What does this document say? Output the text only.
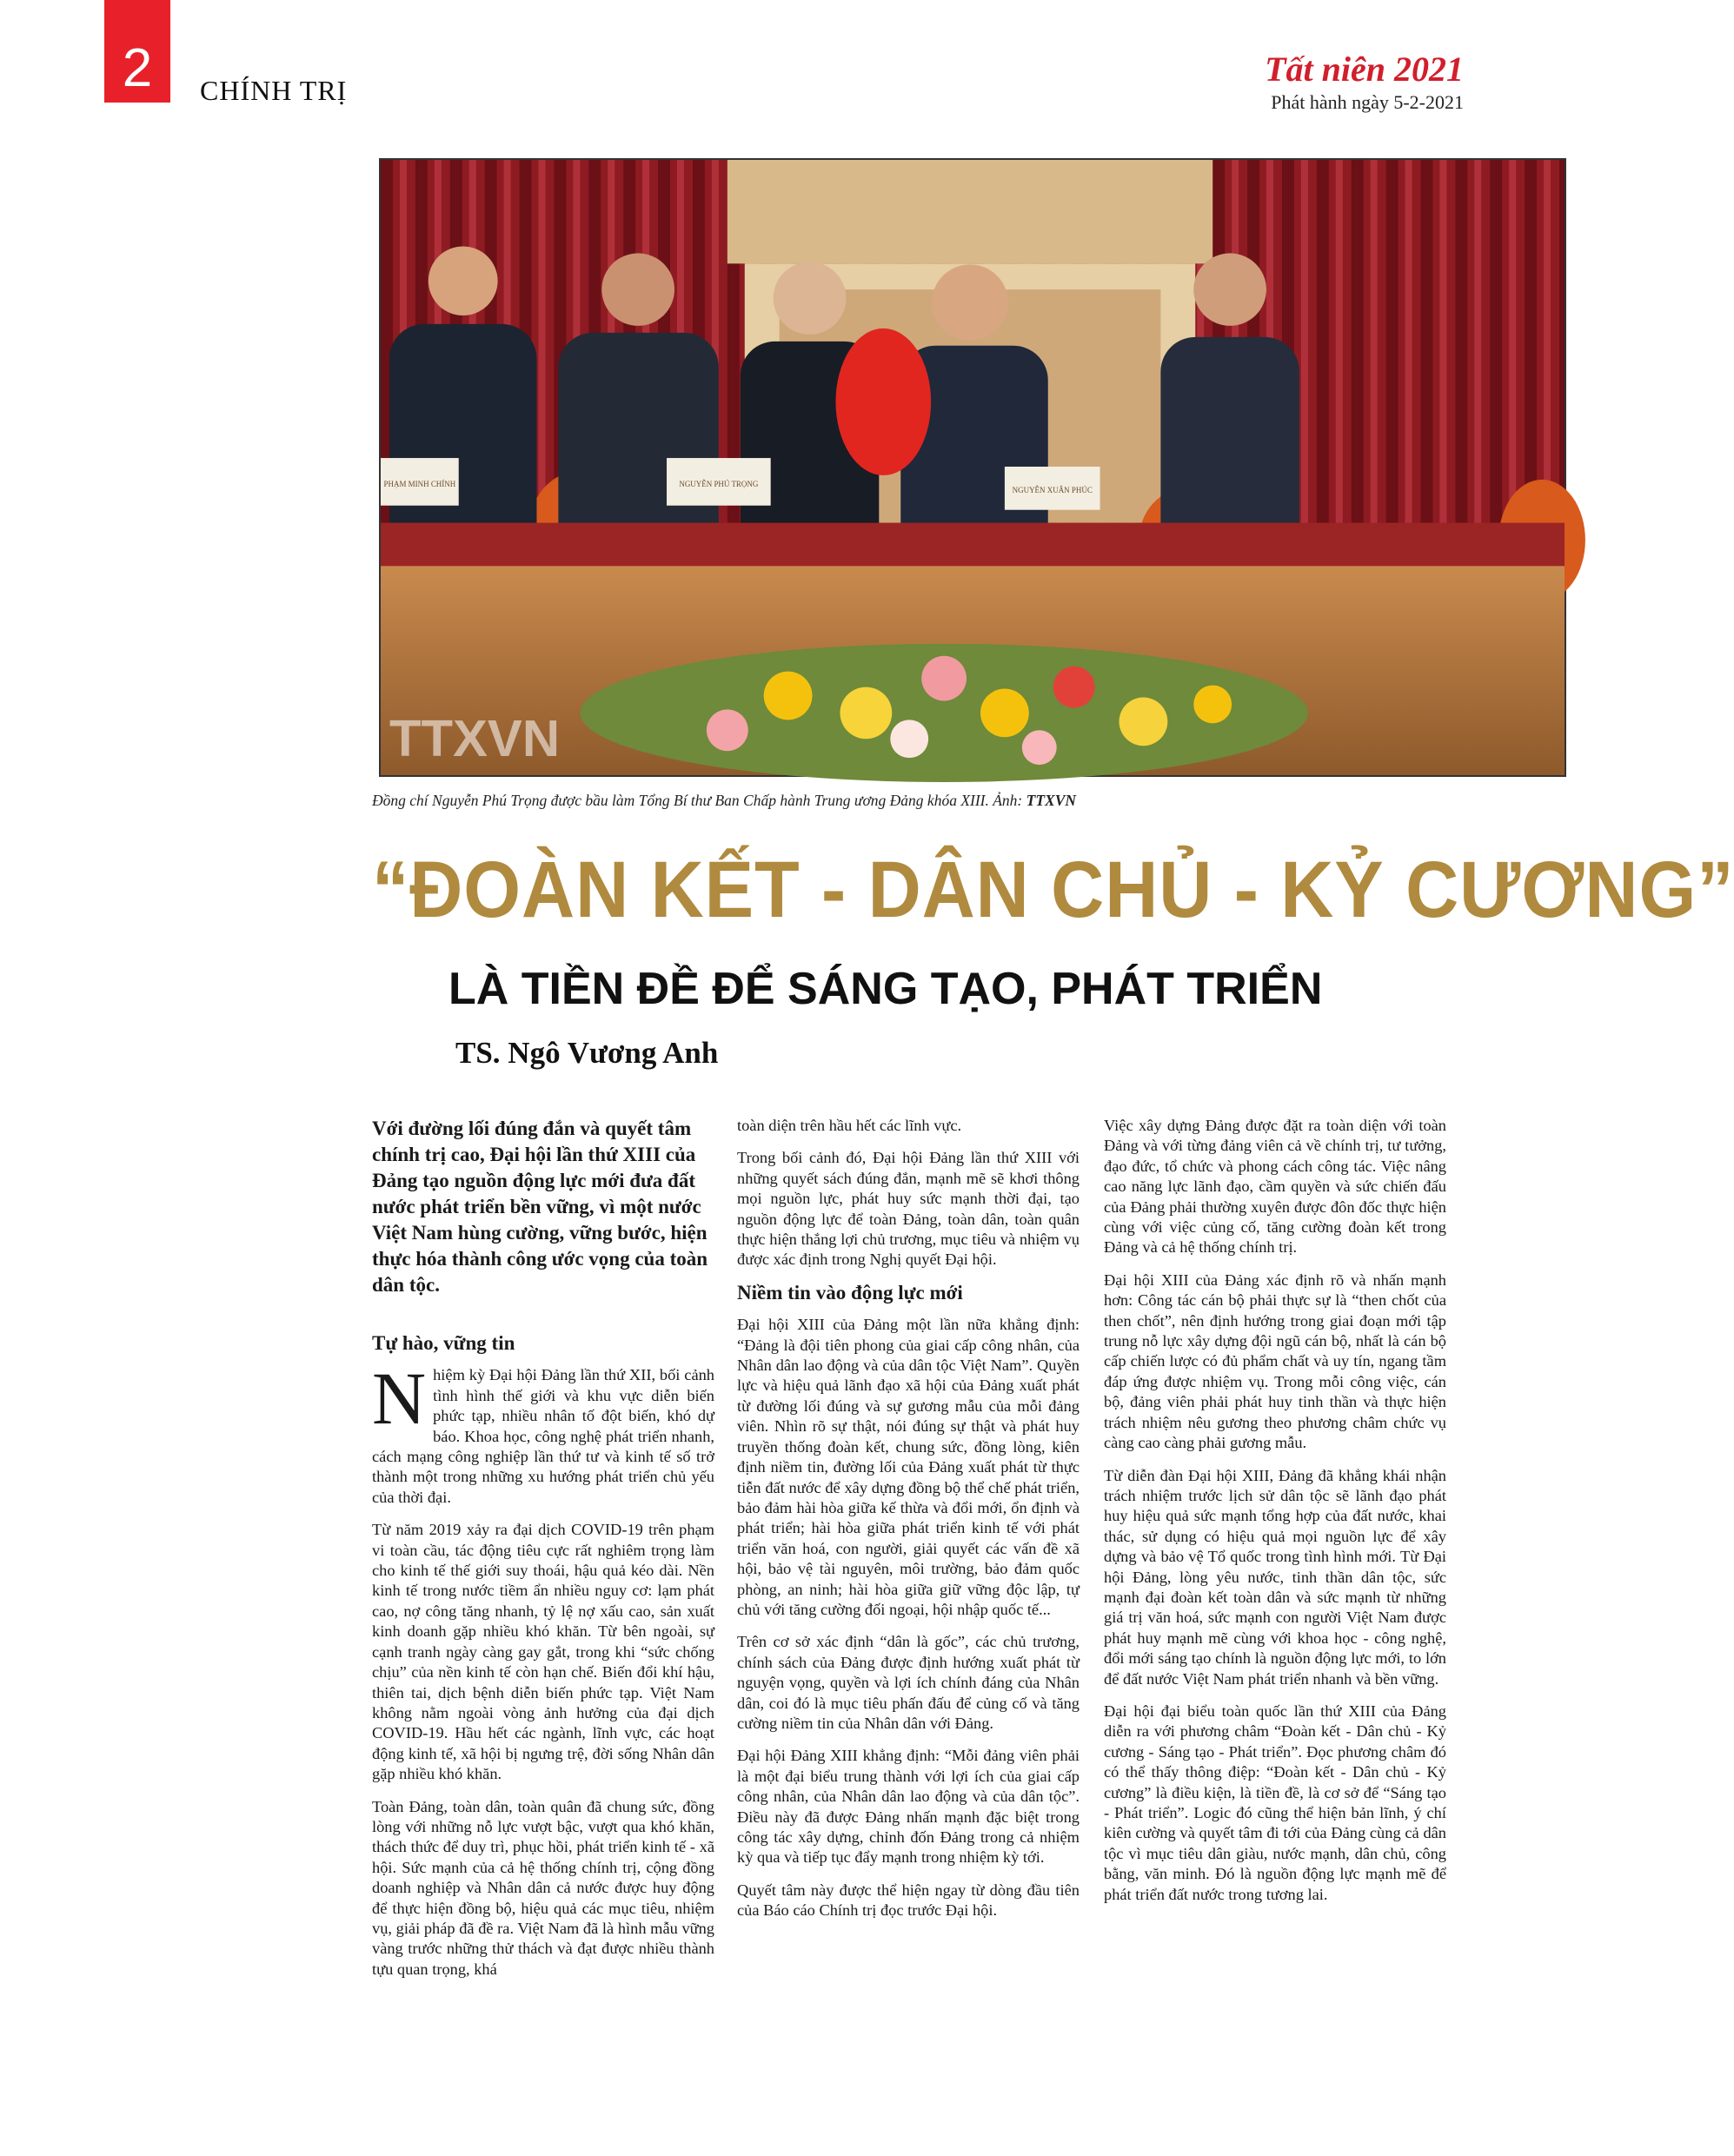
2	CHÍNH TRỊ
Tất niên 2021
Phát hành ngày 5-2-2021
TTXVN
PHẠM MINH CHÍNH	NGUYỄN PHÚ TRỌNG
NGUYỄN XUÂN PHÚC
Đồng chí Nguyễn Phú Trọng được bầu làm Tổng Bí thư Ban Chấp hành Trung ương Đảng khóa XIII. Ảnh: TTXVN
“ĐOÀN KẾT - DÂN CHỦ - KỶ CƯƠNG”
LÀ TIỀN ĐỀ ĐỂ SÁNG TẠO, PHÁT TRIỂN
TS. Ngô Vương Anh

Với đường lối đúng đắn và quyết tâm chính trị cao, Đại hội lần thứ XIII của Đảng tạo nguồn động lực mới đưa đất nước phát triển bền vững, vì một nước Việt Nam hùng cường, vững bước, hiện thực hóa thành công ước vọng của toàn dân tộc.

Tự hào, vững tin

Nhiệm kỳ Đại hội Đảng lần thứ XII, bối cảnh tình hình thế giới và khu vực diễn biến phức tạp, nhiều nhân tố đột biến, khó dự báo. Khoa học, công nghệ phát triển nhanh, cách mạng công nghiệp lần thứ tư và kinh tế số trở thành một trong những xu hướng phát triển chủ yếu của thời đại.

Từ năm 2019 xảy ra đại dịch COVID-19 trên phạm vi toàn cầu, tác động tiêu cực rất nghiêm trọng làm cho kinh tế thế giới suy thoái, hậu quả kéo dài. Nền kinh tế trong nước tiềm ẩn nhiều nguy cơ: lạm phát cao, nợ công tăng nhanh, tỷ lệ nợ xấu cao, sản xuất kinh doanh gặp nhiều khó khăn. Từ bên ngoài, sự cạnh tranh ngày càng gay gắt, trong khi “sức chống chịu” của nền kinh tế còn hạn chế. Biến đổi khí hậu, thiên tai, dịch bệnh diễn biến phức tạp. Việt Nam không nằm ngoài vòng ảnh hưởng của đại dịch COVID-19. Hầu hết các ngành, lĩnh vực, các hoạt động kinh tế, xã hội bị ngưng trệ, đời sống Nhân dân gặp nhiều khó khăn.

Toàn Đảng, toàn dân, toàn quân đã chung sức, đồng lòng với những nỗ lực vượt bậc, vượt qua khó khăn, thách thức để duy trì, phục hồi, phát triển kinh tế - xã hội. Sức mạnh của cả hệ thống chính trị, cộng đồng doanh nghiệp và Nhân dân cả nước được huy động để thực hiện đồng bộ, hiệu quả các mục tiêu, nhiệm vụ, giải pháp đã đề ra. Việt Nam đã là hình mẫu vững vàng trước những thử thách và đạt được nhiều thành tựu quan trọng, khá

toàn diện trên hầu hết các lĩnh vực.

Trong bối cảnh đó, Đại hội Đảng lần thứ XIII với những quyết sách đúng đắn, mạnh mẽ sẽ khơi thông mọi nguồn lực, phát huy sức mạnh thời đại, tạo nguồn động lực để toàn Đảng, toàn dân, toàn quân thực hiện thắng lợi chủ trương, mục tiêu và nhiệm vụ được xác định trong Nghị quyết Đại hội.

Niềm tin vào động lực mới

Đại hội XIII của Đảng một lần nữa khẳng định: “Đảng là đội tiên phong của giai cấp công nhân, của Nhân dân lao động và của dân tộc Việt Nam”. Quyền lực và hiệu quả lãnh đạo xã hội của Đảng xuất phát từ đường lối đúng và sự gương mẫu của mỗi đảng viên. Nhìn rõ sự thật, nói đúng sự thật và phát huy truyền thống đoàn kết, chung sức, đồng lòng, kiên định niềm tin, đường lối của Đảng xuất phát từ thực tiễn đất nước để xây dựng đồng bộ thể chế phát triển, bảo đảm hài hòa giữa kế thừa và đổi mới, ổn định và phát triển; hài hòa giữa phát triển kinh tế với phát triển văn hoá, con người, giải quyết các vấn đề xã hội, bảo vệ tài nguyên, môi trường, bảo đảm quốc phòng, an ninh; hài hòa giữa giữ vững độc lập, tự chủ với tăng cường đối ngoại, hội nhập quốc tế...

Trên cơ sở xác định “dân là gốc”, các chủ trương, chính sách của Đảng được định hướng xuất phát từ nguyện vọng, quyền và lợi ích chính đáng của Nhân dân, coi đó là mục tiêu phấn đấu để củng cố và tăng cường niềm tin của Nhân dân với Đảng.

Đại hội Đảng XIII khẳng định: “Mỗi đảng viên phải là một đại biểu trung thành với lợi ích của giai cấp công nhân, của Nhân dân lao động và của dân tộc”. Điều này đã được Đảng nhấn mạnh đặc biệt trong công tác xây dựng, chỉnh đốn Đảng trong cả nhiệm kỳ qua và tiếp tục đẩy mạnh trong nhiệm kỳ tới.

Quyết tâm này được thể hiện ngay từ dòng đầu tiên của Báo cáo Chính trị đọc trước Đại hội.

Việc xây dựng Đảng được đặt ra toàn diện với toàn Đảng và với từng đảng viên cả về chính trị, tư tưởng, đạo đức, tổ chức và phong cách công tác. Việc nâng cao năng lực lãnh đạo, cầm quyền và sức chiến đấu của Đảng phải thường xuyên được đôn đốc thực hiện cùng với việc củng cố, tăng cường đoàn kết trong Đảng và cả hệ thống chính trị.

Đại hội XIII của Đảng xác định rõ và nhấn mạnh hơn: Công tác cán bộ phải thực sự là “then chốt của then chốt”, nên định hướng trong giai đoạn mới tập trung nỗ lực xây dựng đội ngũ cán bộ, nhất là cán bộ cấp chiến lược có đủ phẩm chất và uy tín, ngang tầm đáp ứng được nhiệm vụ. Trong mỗi công việc, cán bộ, đảng viên phải phát huy tinh thần và thực hiện trách nhiệm nêu gương theo phương châm chức vụ càng cao càng phải gương mẫu.

Từ diễn đàn Đại hội XIII, Đảng đã khẳng khái nhận trách nhiệm trước lịch sử dân tộc sẽ lãnh đạo phát huy hiệu quả sức mạnh tổng hợp của đất nước, khai thác, sử dụng có hiệu quả mọi nguồn lực để xây dựng và bảo vệ Tổ quốc trong tình hình mới. Từ Đại hội Đảng, lòng yêu nước, tinh thần dân tộc, sức mạnh đại đoàn kết toàn dân và sức mạnh từ những giá trị văn hoá, sức mạnh con người Việt Nam được phát huy mạnh mẽ cùng với khoa học - công nghệ, đổi mới sáng tạo chính là nguồn động lực mới, to lớn để đất nước Việt Nam phát triển nhanh và bền vững.

Đại hội đại biểu toàn quốc lần thứ XIII của Đảng diễn ra với phương châm “Đoàn kết - Dân chủ - Kỷ cương - Sáng tạo - Phát triển”. Đọc phương châm đó có thể thấy thông điệp: “Đoàn kết - Dân chủ - Kỷ cương” là điều kiện, là tiền đề, là cơ sở để “Sáng tạo - Phát triển”. Logic đó cũng thể hiện bản lĩnh, ý chí kiên cường và quyết tâm đi tới của Đảng cùng cả dân tộc vì mục tiêu dân giàu, nước mạnh, dân chủ, công bằng, văn minh. Đó là nguồn động lực mạnh mẽ để phát triển đất nước trong tương lai.
